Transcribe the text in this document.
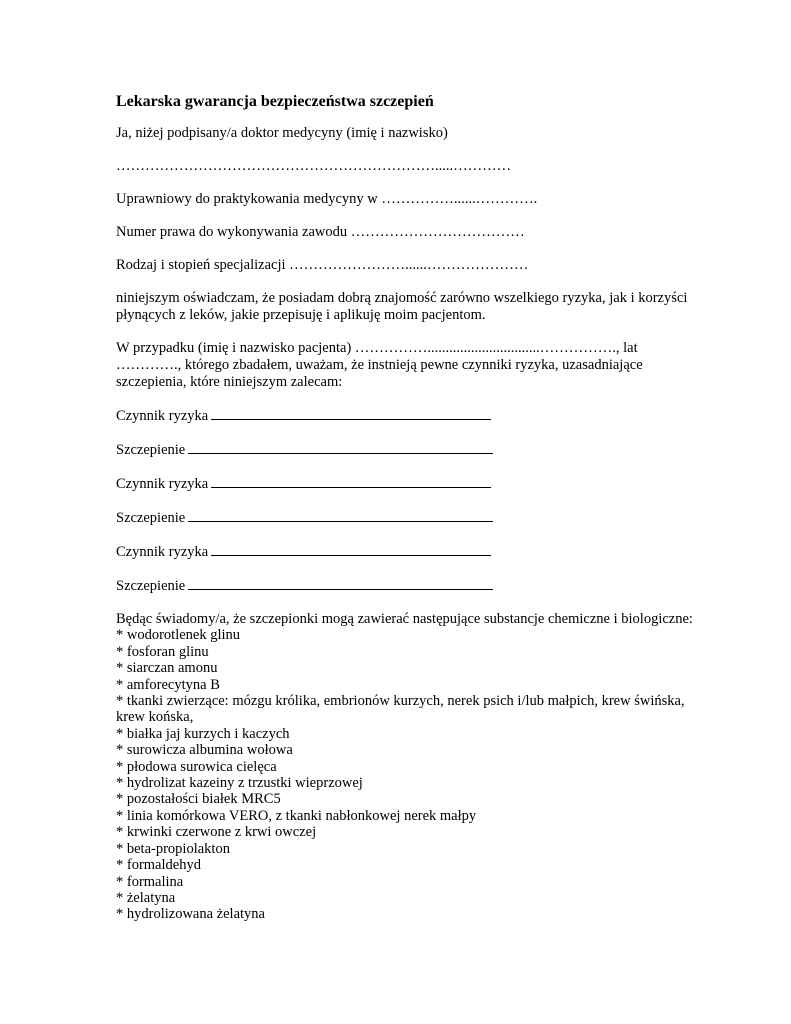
Lekarska gwarancja bezpieczeństwa szczepień

Ja, niżej podpisany/a doktor medycyny (imię i nazwisko)

………………………………………………………….....…………

Uprawniowy do praktykowania medycyny w ……………......………….

Numer prawa do wykonywania zawodu ………………………………

Rodzaj i stopień specjalizacji ……………………......…………………

niniejszym oświadczam, że posiadam dobrą znajomość zarówno wszelkiego ryzyka, jak i korzyści płynących z leków, jakie przepisuję i aplikuję moim pacjentom.

W przypadku (imię i nazwisko pacjenta) ……………...............................……………., lat …………., którego zbadałem, uważam, że instnieją pewne czynniki ryzyka, uzasadniające szczepienia, które niniejszym zalecam:

Czynnik ryzyka
Szczepienie
Czynnik ryzyka
Szczepienie
Czynnik ryzyka
Szczepienie

Będąc świadomy/a, że szczepionki mogą zawierać następujące substancje chemiczne i biologiczne:

* wodorotlenek glinu
* fosforan glinu
* siarczan amonu
* amforecytyna B
* tkanki zwierzące: mózgu królika, embrionów kurzych, nerek psich i/lub małpich, krew świńska, krew końska,
* białka jaj kurzych i kaczych
* surowicza albumina wołowa
* płodowa surowica cielęca
* hydrolizat kazeiny z trzustki wieprzowej
* pozostałości białek MRC5
* linia komórkowa VERO, z tkanki nabłonkowej nerek małpy
* krwinki czerwone z krwi owczej
* beta-propiolakton
* formaldehyd
* formalina
* żelatyna
* hydrolizowana żelatyna
